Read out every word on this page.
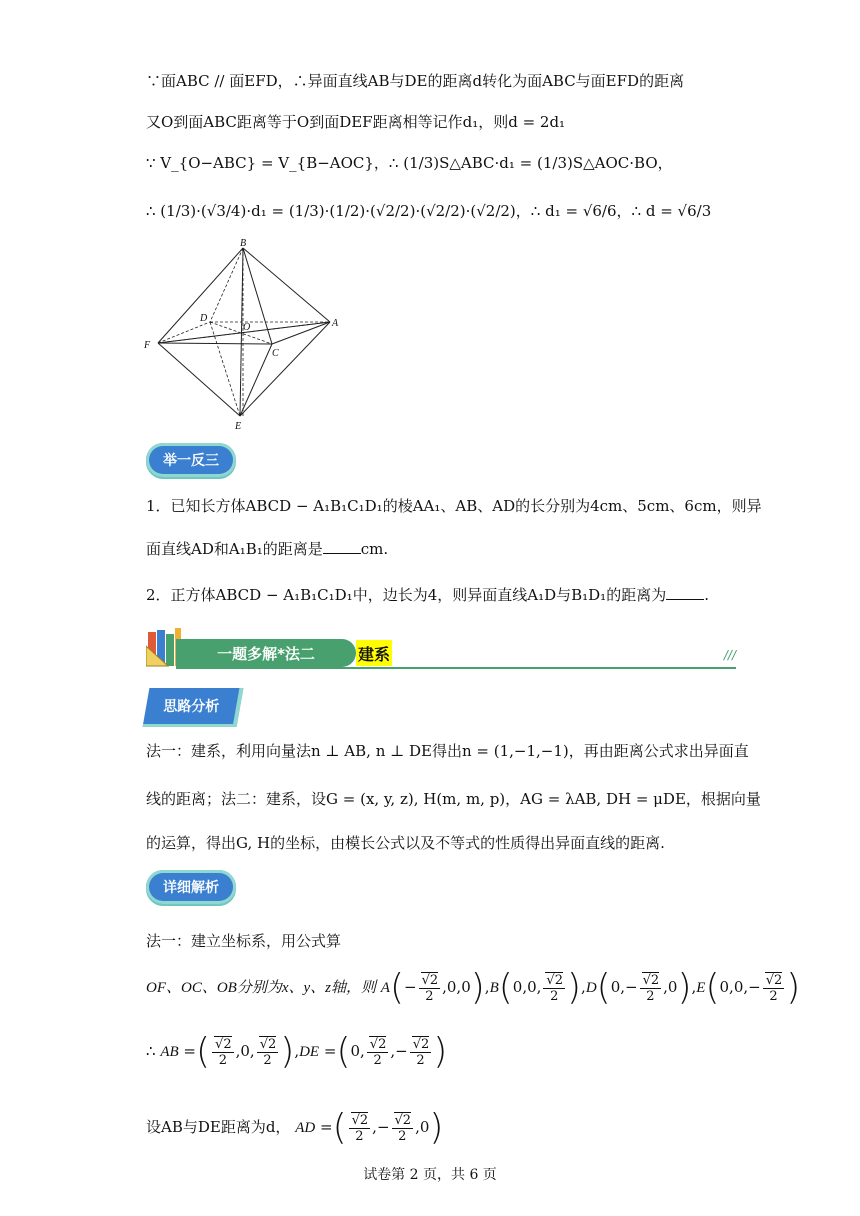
∵面ABC // 面EFD，∴异面直线AB与DE的距离d转化为面ABC与面EFD的距离
又O到面ABC距离等于O到面DEF距离相等记作d₁，则d = 2d₁
∵ V_{O−ABC} = V_{B−AOC}，∴ (1/3)S△ABC·d₁ = (1/3)S△AOC·BO，
∴ (1/3)·(√3/4)·d₁ = (1/3)·(1/2)·(√2/2)·(√2/2)·(√2/2)，∴ d₁ = √6/6，∴ d = √6/3
B
D
O	A
F
C
E
举一反三
1．已知长方体ABCD − A₁B₁C₁D₁的棱AA₁、AB、AD的长分别为4cm、5cm、6cm，则异
面直线AD和A₁B₁的距离是	cm.
2．正方体ABCD − A₁B₁C₁D₁中，边长为4，则异面直线A₁D与B₁D₁的距离为	.
一题多解*法二	建系	///
思路分析
法一：建系，利用向量法n ⊥ AB, n ⊥ DE得出n = (1,−1,−1)，再由距离公式求出异面直
线的距离；法二：建系，设G = (x, y, z), H(m, m, p)，AG = λAB, DH = μDE，根据向量
的运算，得出G, H的坐标，由模长公式以及不等式的性质得出异面直线的距离.
详细解析
法一：建立坐标系，用公式算
OF、OC、OB分别为x、y、z轴，则 $A(- \frac{√2}{2} ,0,0),B(0,0$, $\frac{√2}{2} ),D(0,- \frac{√2}{2} ,0),E(0,0,- \frac{√2}{2}$ )
∴ AB =( $\frac{√2}{2} ,0$, $\frac{√2}{2} ),DE =(0$, $\frac{√2}{2}$ ,− $\frac{√2}{2}$ )
设AB与DE距离为d， AD =( $\frac{√2}{2}$ ,− $\frac{√2}{2} ,0$)
试卷第 2 页，共 6 页
